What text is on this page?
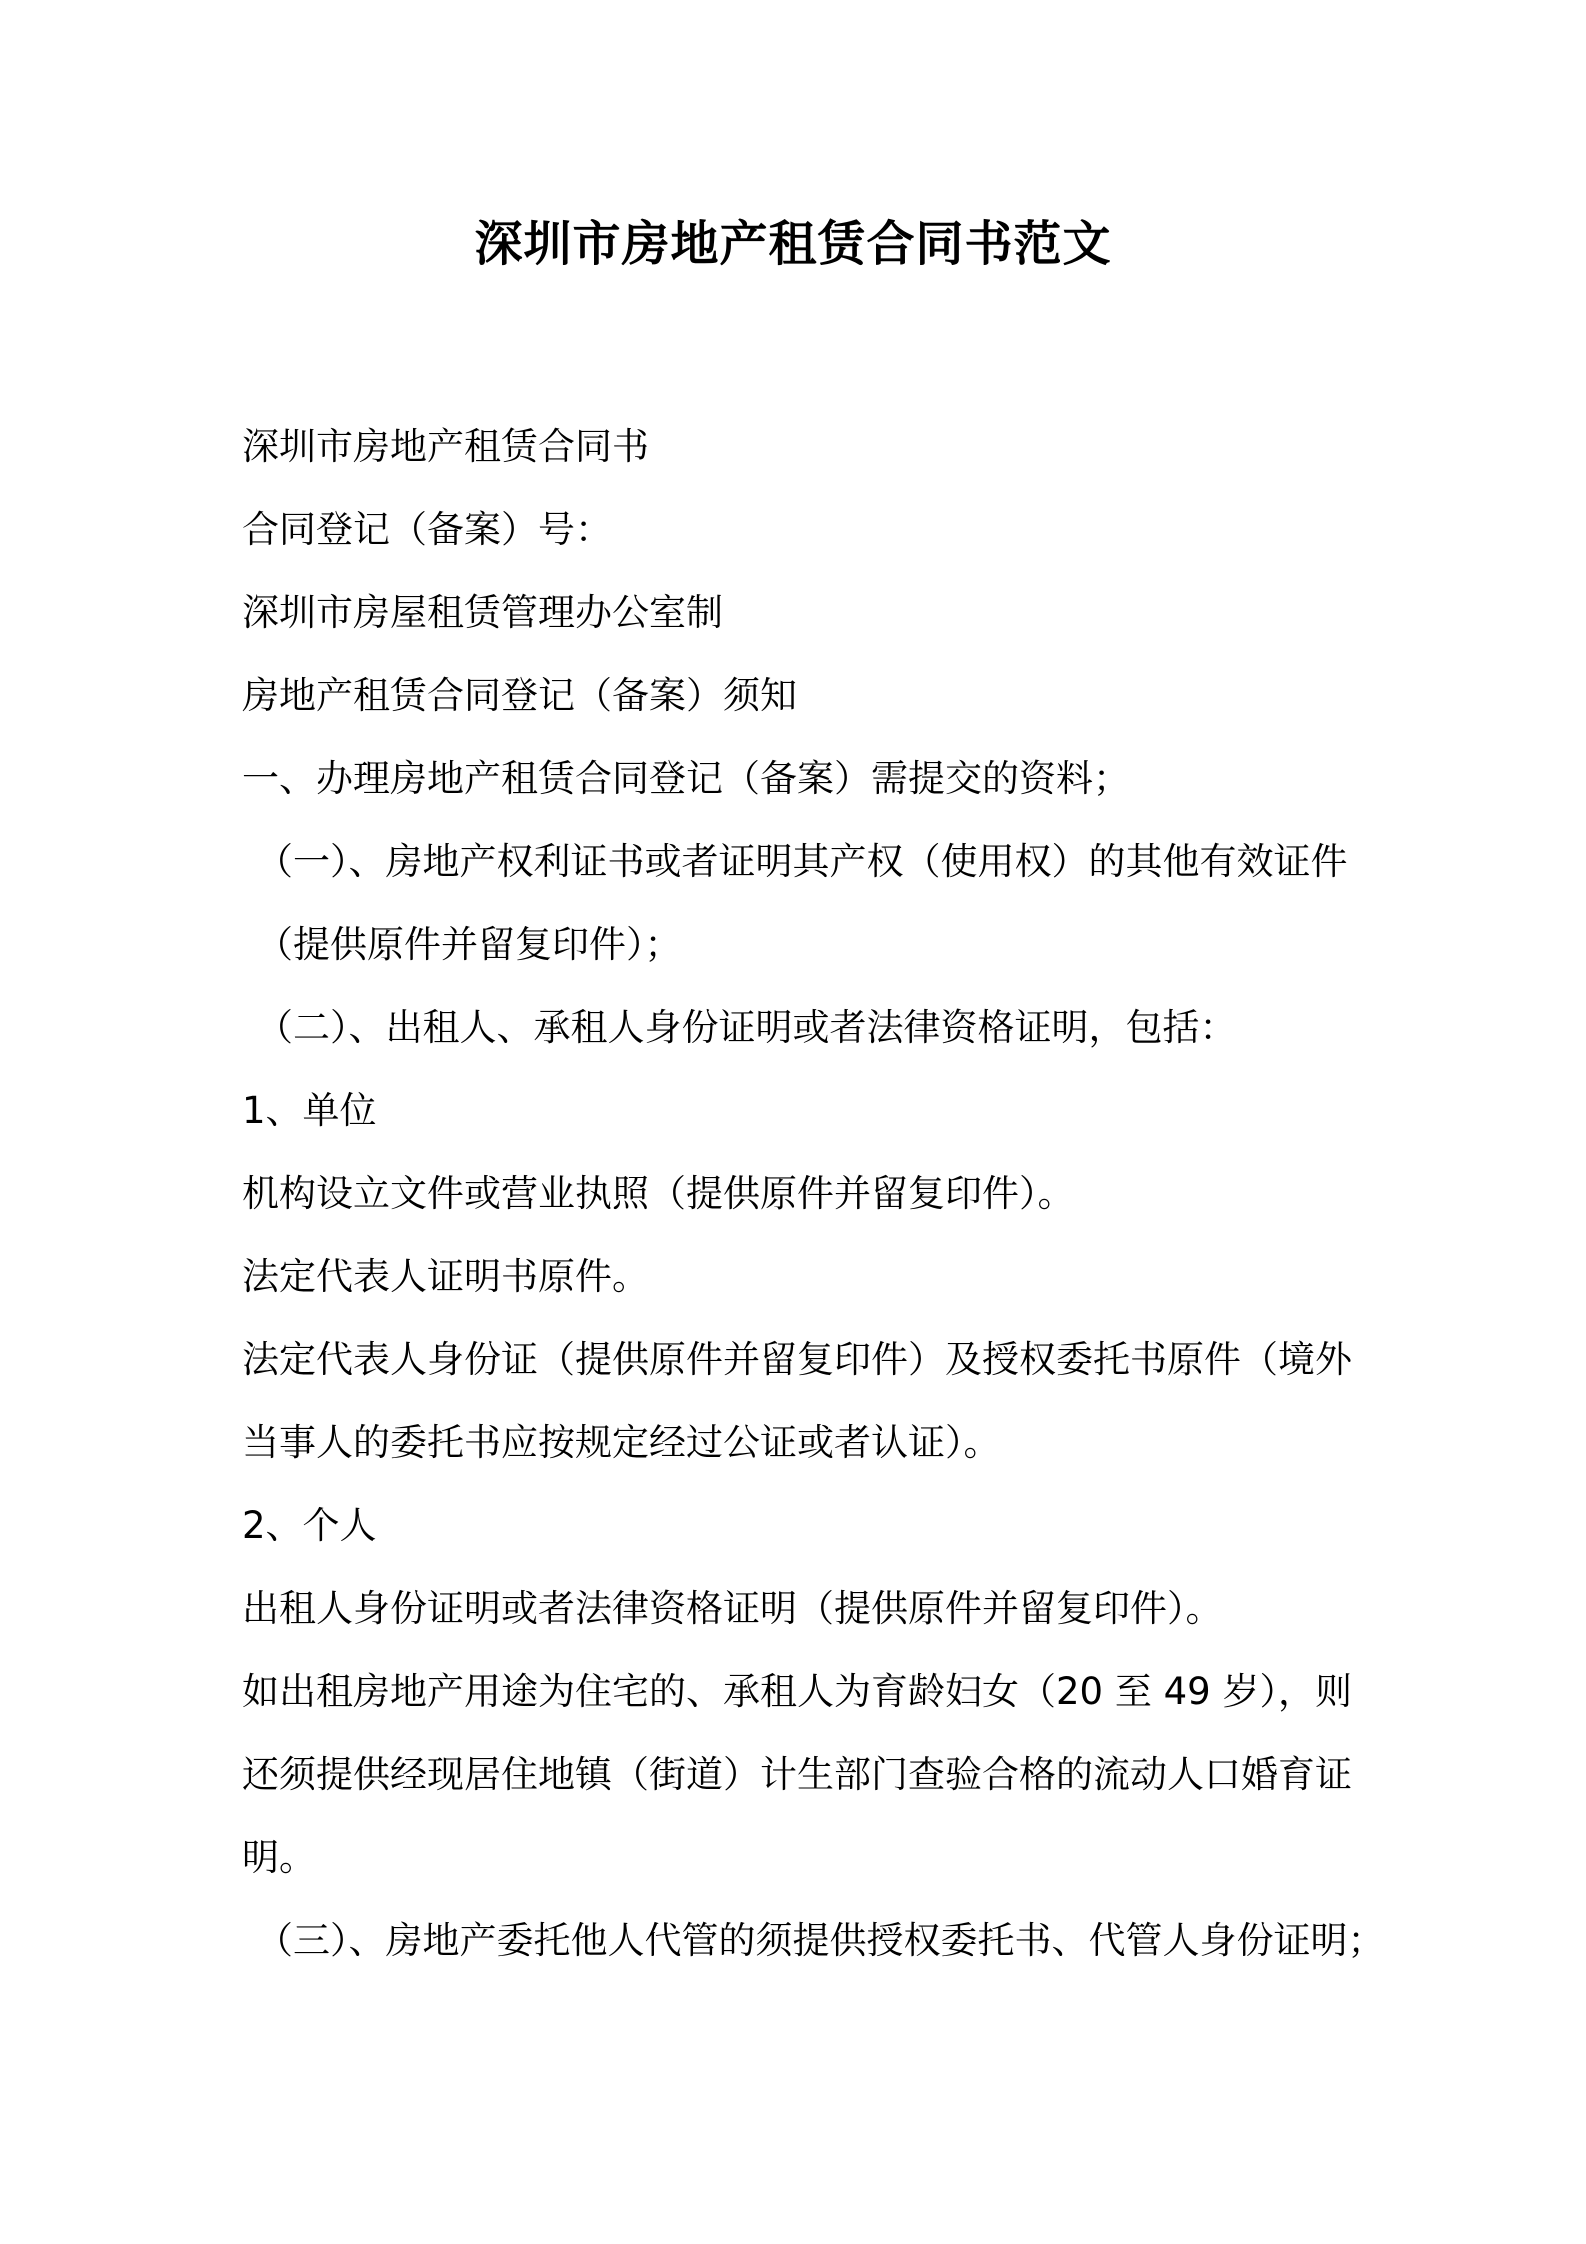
深圳市房地产租赁合同书范文

深圳市房地产租赁合同书

合同登记（备案）号：

深圳市房屋租赁管理办公室制

房地产租赁合同登记（备案）须知

一、办理房地产租赁合同登记（备案）需提交的资料；

（一）、房地产权利证书或者证明其产权（使用权）的其他有效证件

（提供原件并留复印件）；

（二）、出租人、承租人身份证明或者法律资格证明，包括：

1、单位

机构设立文件或营业执照（提供原件并留复印件）。

法定代表人证明书原件。

法定代表人身份证（提供原件并留复印件）及授权委托书原件（境外

当事人的委托书应按规定经过公证或者认证）。

2、个人

出租人身份证明或者法律资格证明（提供原件并留复印件）。

如出租房地产用途为住宅的、承租人为育龄妇女（20 至 49 岁），则

还须提供经现居住地镇（街道）计生部门查验合格的流动人口婚育证

明。

（三）、房地产委托他人代管的须提供授权委托书、代管人身份证明；
